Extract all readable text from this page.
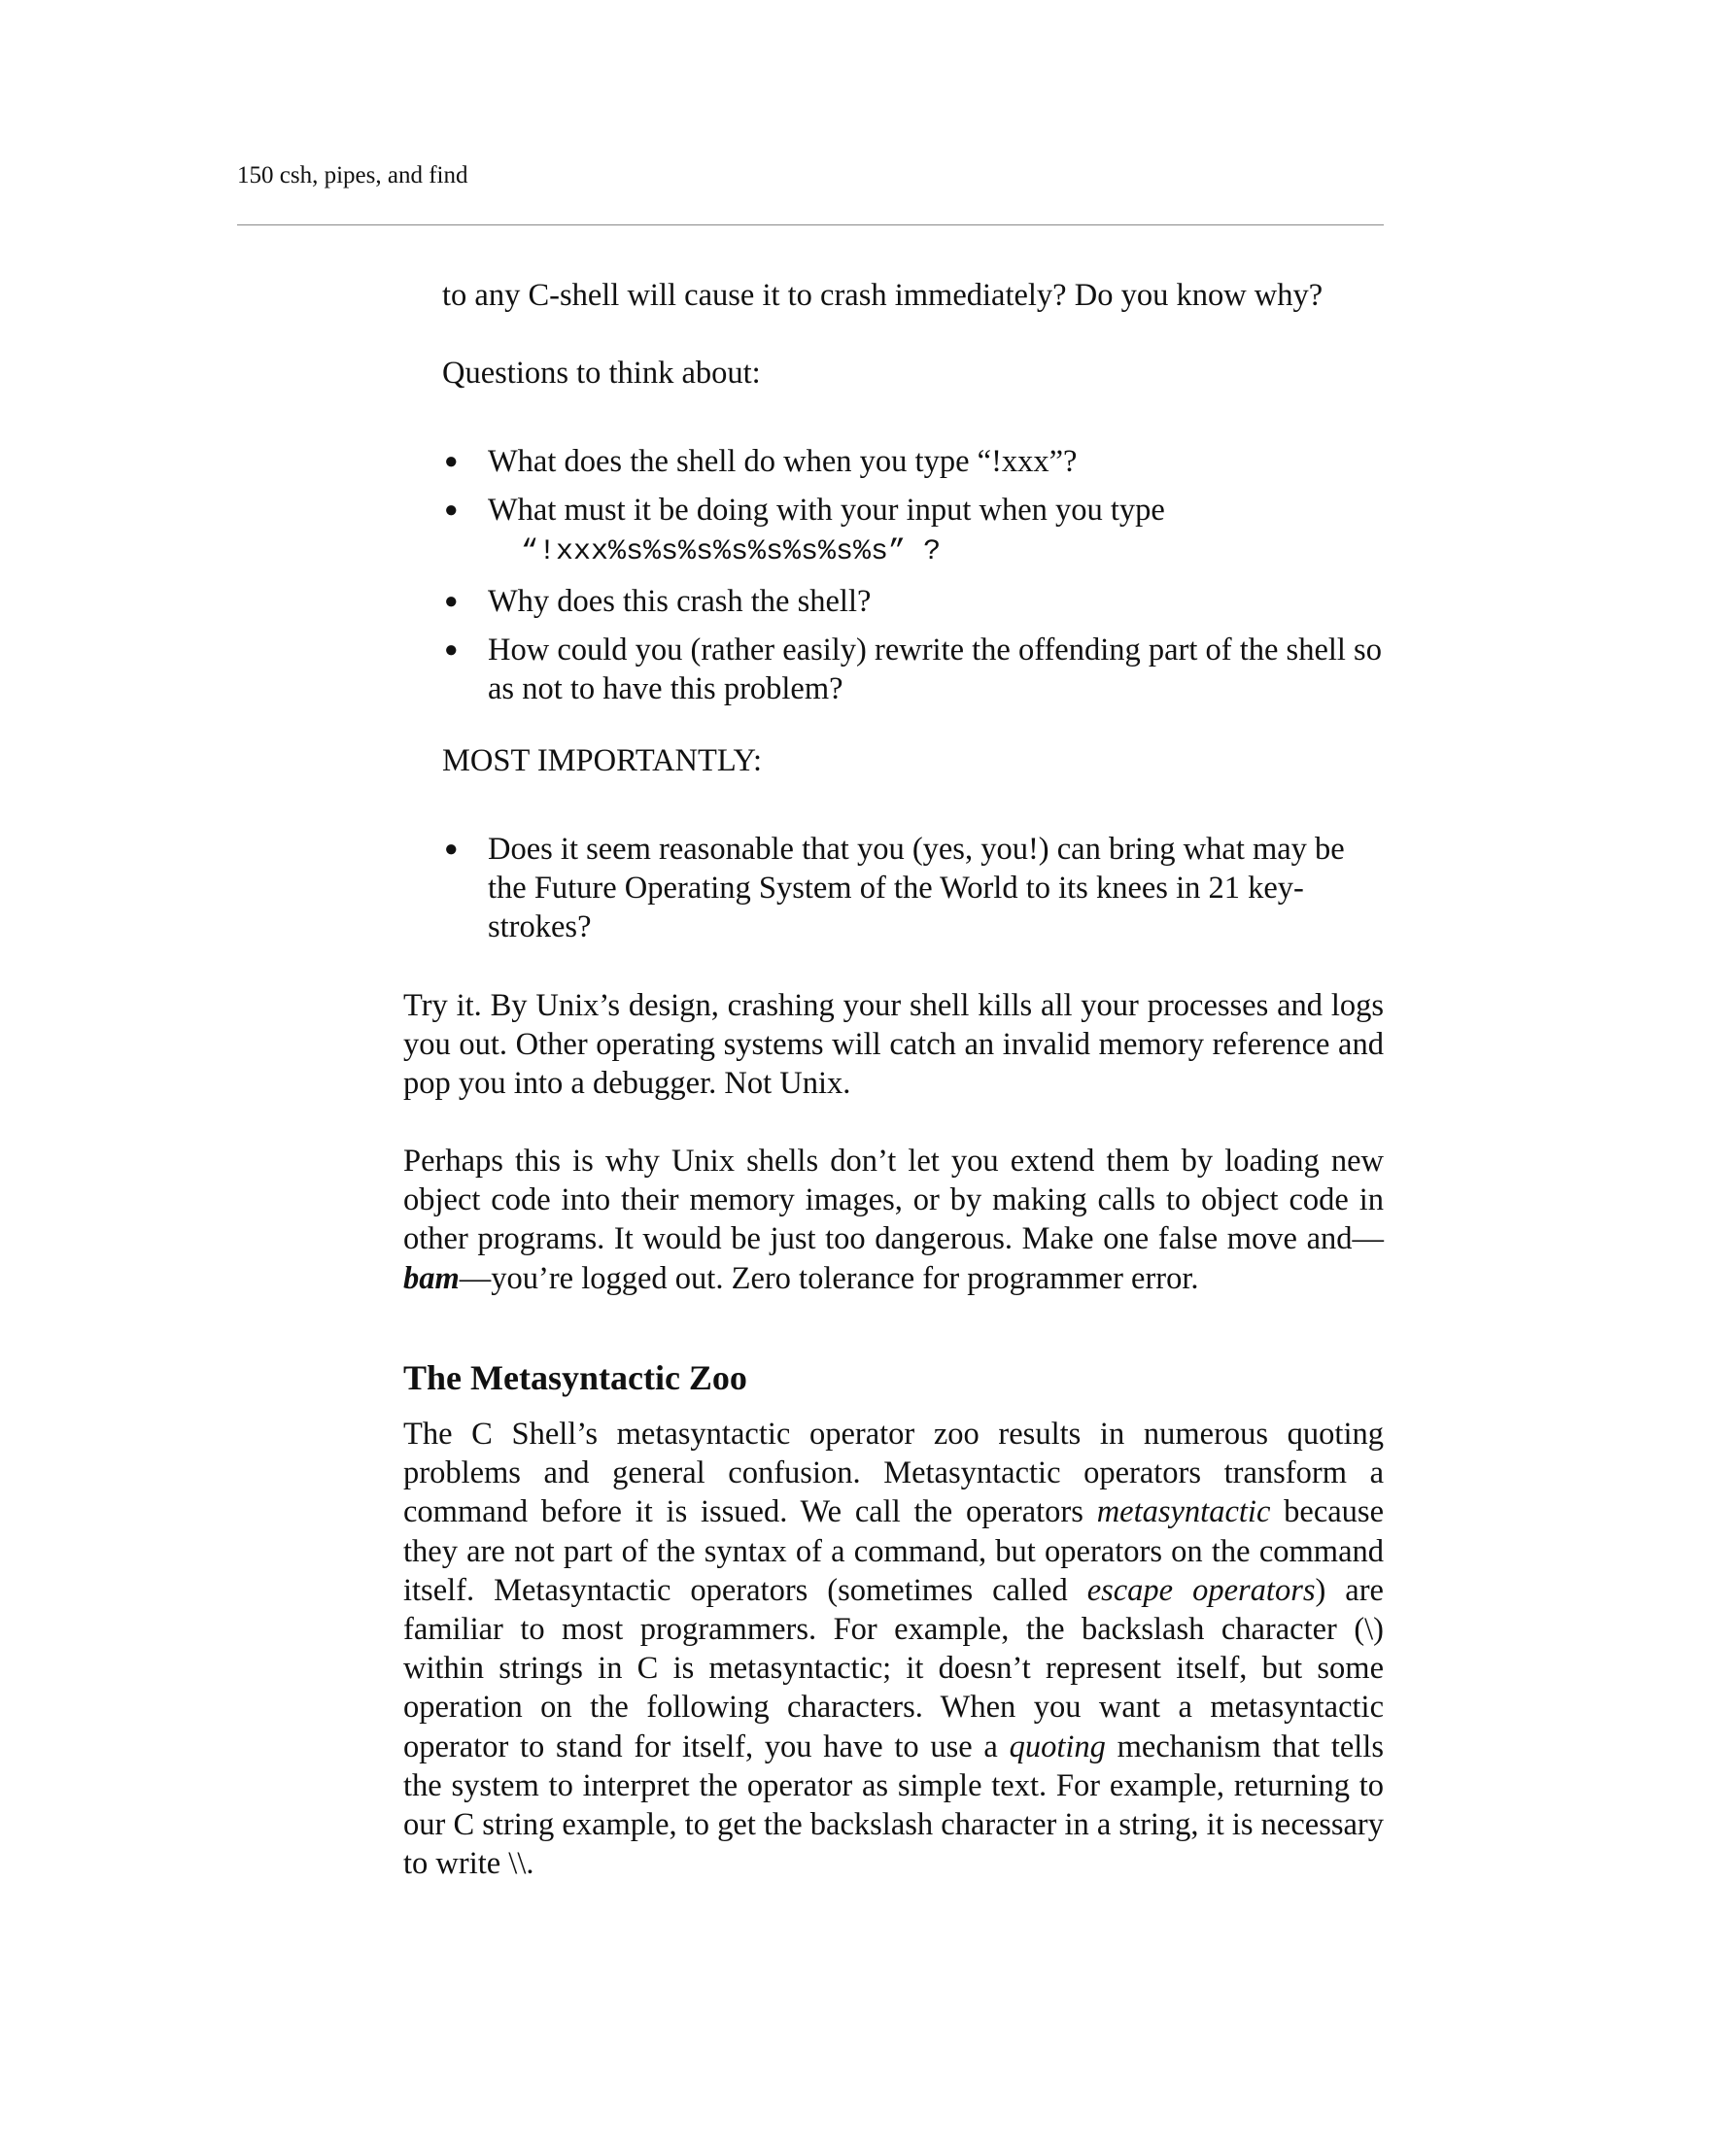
150 csh, pipes, and find

to any C-shell will cause it to crash immediately? Do you know why?

Questions to think about:

● What does the shell do when you type “!xxx”?
● What must it be doing with your input when you type
“!xxx%s%s%s%s%s%s%s%s” ?
● Why does this crash the shell?
● How could you (rather easily) rewrite the offending part of the shell so as not to have this problem?

MOST IMPORTANTLY:

● Does it seem reasonable that you (yes, you!) can bring what may be the Future Operating System of the World to its knees in 21 key-strokes?

Try it. By Unix’s design, crashing your shell kills all your processes and logs you out. Other operating systems will catch an invalid memory reference and pop you into a debugger. Not Unix.

Perhaps this is why Unix shells don’t let you extend them by loading new object code into their memory images, or by making calls to object code in other programs. It would be just too dangerous. Make one false move and—bam—you’re logged out. Zero tolerance for programmer error.

The Metasyntactic Zoo

The C Shell’s metasyntactic operator zoo results in numerous quoting problems and general confusion. Metasyntactic operators transform a command before it is issued. We call the operators metasyntactic because they are not part of the syntax of a command, but operators on the command itself. Metasyntactic operators (sometimes called escape operators) are familiar to most programmers. For example, the backslash character (\) within strings in C is metasyntactic; it doesn’t represent itself, but some operation on the following characters. When you want a metasyntactic operator to stand for itself, you have to use a quoting mechanism that tells the system to interpret the operator as simple text. For example, returning to our C string example, to get the backslash character in a string, it is necessary to write \\.
